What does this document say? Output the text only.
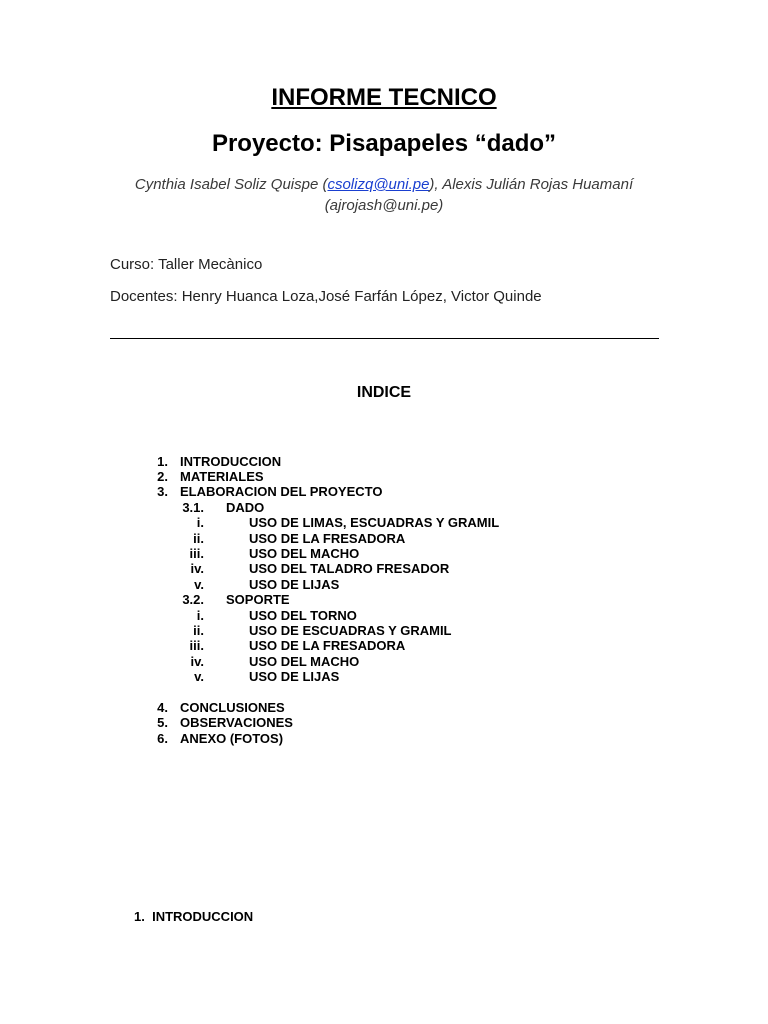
INFORME TECNICO
Proyecto: Pisapapeles “dado”
Cynthia Isabel Soliz Quispe (csolizq@uni.pe), Alexis Julián Rojas Huamaní
(ajrojash@uni.pe)
Curso: Taller Mecànico
Docentes: Henry Huanca Loza,José Farfán López, Victor Quinde
INDICE
1. INTRODUCCION
2. MATERIALES
3. ELABORACION DEL PROYECTO
3.1. DADO
i.	USO DE LIMAS, ESCUADRAS Y GRAMIL
ii.	USO DE LA FRESADORA
iii.	USO DEL MACHO
iv.	USO DEL TALADRO FRESADOR
v.	USO DE LIJAS
3.2. SOPORTE
i.	USO DEL TORNO
ii.	USO DE ESCUADRAS Y GRAMIL
iii.	USO DE LA FRESADORA
iv.	USO DEL MACHO
v.	USO DE LIJAS
4. CONCLUSIONES
5. OBSERVACIONES
6. ANEXO (FOTOS)
1. INTRODUCCION
